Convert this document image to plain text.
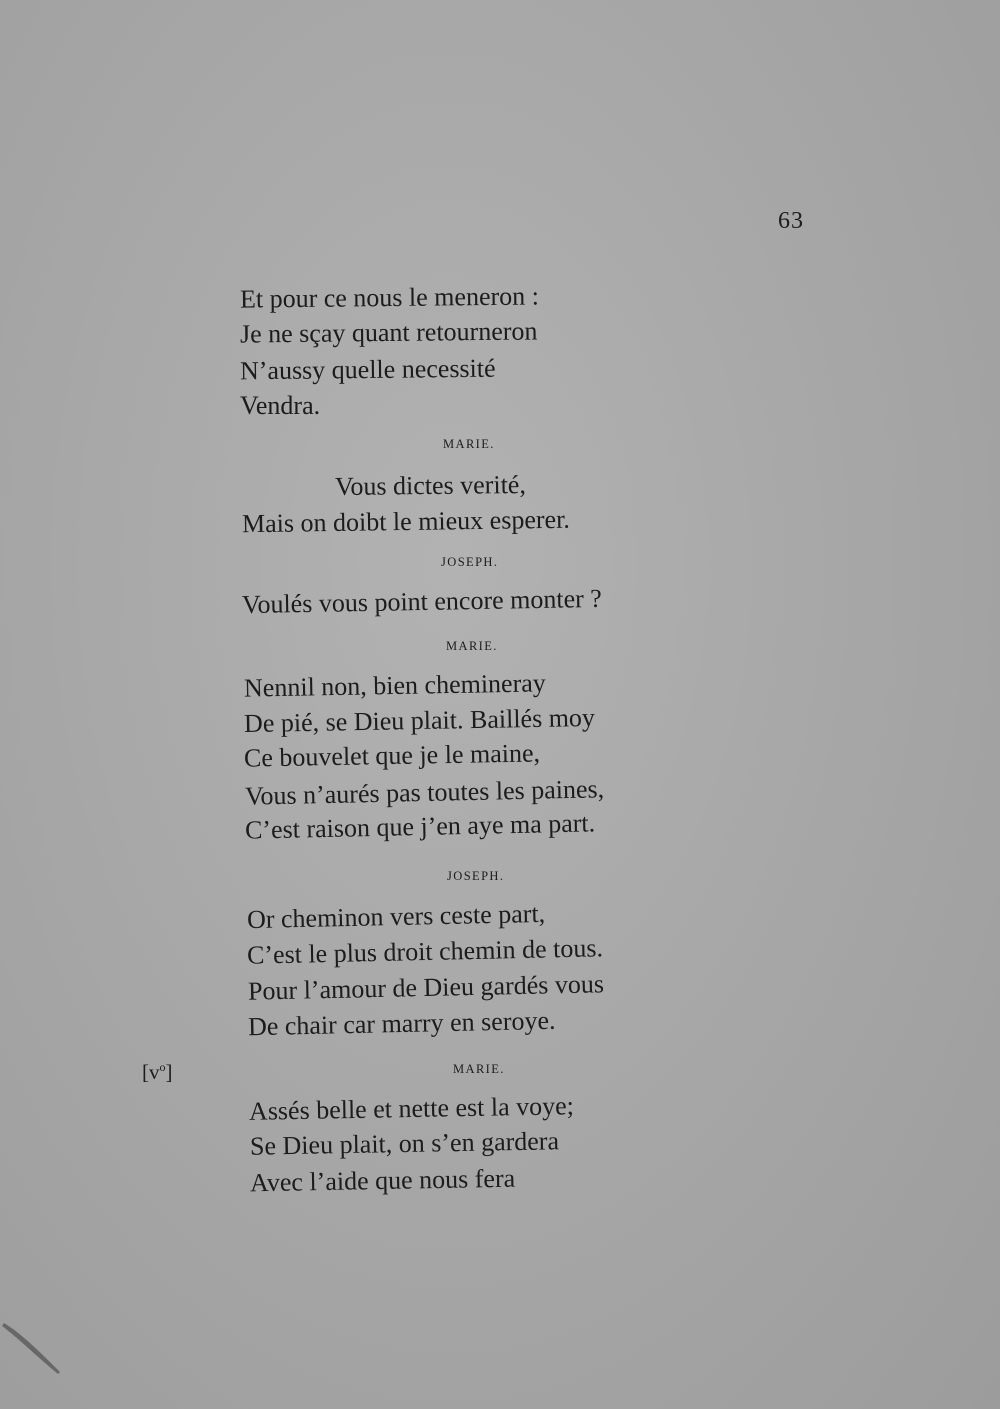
63
Et pour ce nous le meneron :
Je ne sçay quant retourneron
N’aussy quelle necessité
Vendra.
MARIE.
Vous dictes verité,
Mais on doibt le mieux esperer.
JOSEPH.
Voulés vous point encore monter ?
MARIE.
Nennil non, bien chemineray
De pié, se Dieu plait. Baillés moy
Ce bouvelet que je le maine,
Vous n’aurés pas toutes les paines,
C’est raison que j’en aye ma part.
JOSEPH.
Or cheminon vers ceste part,
C’est le plus droit chemin de tous.
Pour l’amour de Dieu gardés vous
De chair car marry en seroye.
MARIE.
$[v^o]$
Assés belle et nette est la voye;
Se Dieu plait, on s’en gardera
Avec l’aide que nous fera
